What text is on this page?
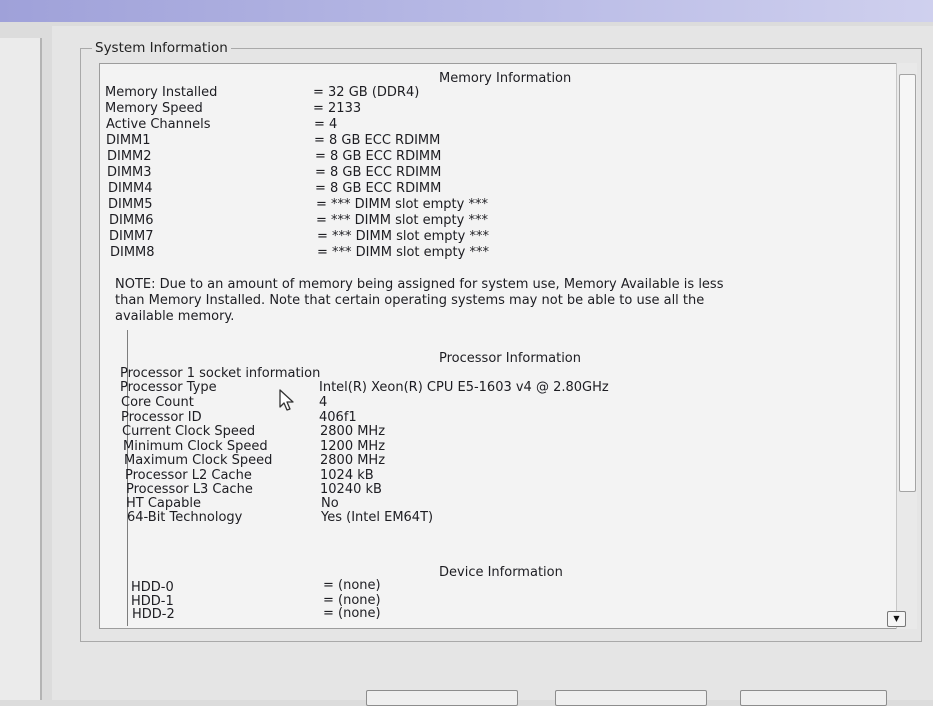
System Information
Memory Information
Memory Installed	= 32 GB (DDR4)
Memory Speed	= 2133
Active Channels	= 4
DIMM1	= 8 GB ECC RDIMM
DIMM2	= 8 GB ECC RDIMM
DIMM3	= 8 GB ECC RDIMM
DIMM4	= 8 GB ECC RDIMM
DIMM5	= *** DIMM slot empty ***
DIMM6	= *** DIMM slot empty ***
DIMM7	= *** DIMM slot empty ***
DIMM8	= *** DIMM slot empty ***
NOTE: Due to an amount of memory being assigned for system use, Memory Available is less
than Memory Installed. Note that certain operating systems may not be able to use all the
available memory.
Processor Information
Processor 1 socket information
Processor Type	Intel(R) Xeon(R) CPU E5-1603 v4 @ 2.80GHz
Core Count	4
Processor ID	406f1
Current Clock Speed	2800 MHz
Minimum Clock Speed	1200 MHz
Maximum Clock Speed	2800 MHz
Processor L2 Cache	1024 kB
Processor L3 Cache	10240 kB
HT Capable	No
64-Bit Technology	Yes (Intel EM64T)
Device Information
HDD-0	= (none)
HDD-1	= (none)
HDD-2	= (none)	▼
